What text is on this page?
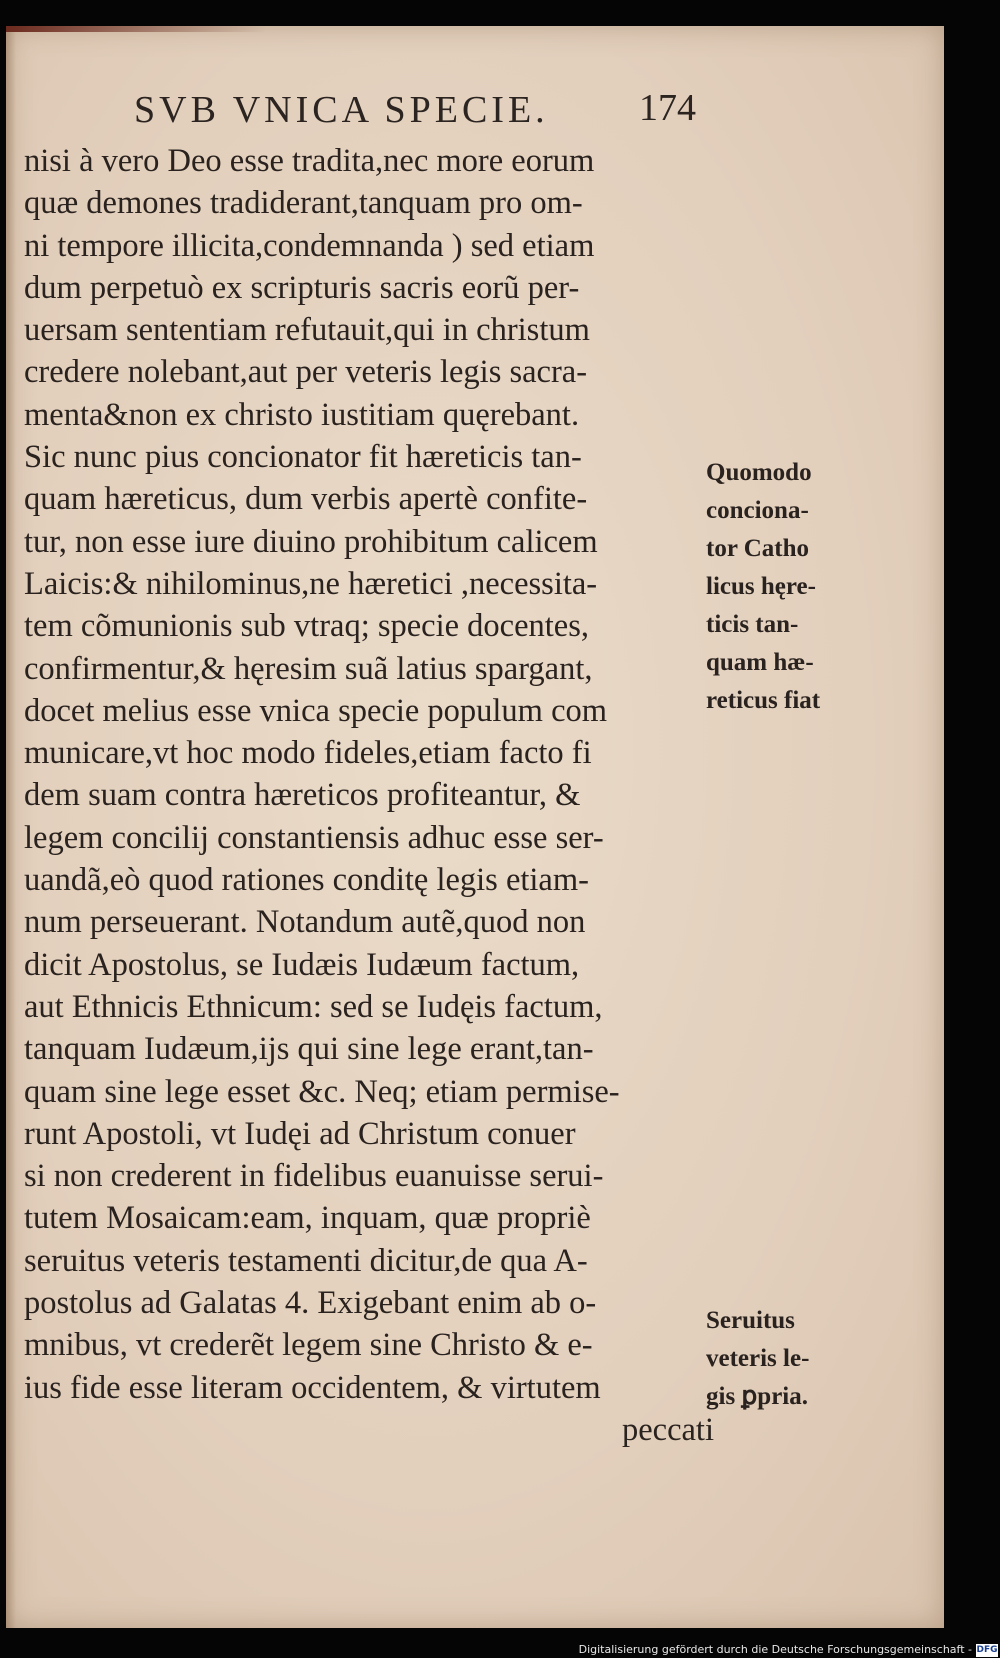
SVB VNICA SPECIE. 174
nisi à vero Deo esse tradita,nec more eorum
quæ demones tradiderant,tanquam pro om-
ni tempore illicita,condemnanda ) sed etiam
dum perpetuò ex scripturis sacris eorũ per-
uersam sententiam refutauit,qui in christum
credere nolebant,aut per veteris legis sacra-
menta&non ex christo iustitiam quęrebant.
Sic nunc pius concionator fit hæreticis tan-
quam hæreticus, dum verbis apertè confite-
tur, non esse iure diuino prohibitum calicem
Laicis:& nihilominus,ne hæretici ,necessita-
tem cõmunionis sub vtraq; specie docentes,
confirmentur,& hęresim suã latius spargant,
docet melius esse vnica specie populum com
municare,vt hoc modo fideles,etiam facto fi
dem suam contra hæreticos profiteantur, &
legem concilij constantiensis adhuc esse ser-
uandã,eò quod rationes conditę legis etiam-
num perseuerant. Notandum autẽ,quod non
dicit Apostolus, se Iudæis Iudæum factum,
aut Ethnicis Ethnicum: sed se Iudęis factum,
tanquam Iudæum,ijs qui sine lege erant,tan-
quam sine lege esset &c. Neq; etiam permise-
runt Apostoli, vt Iudęi ad Christum conuer
si non crederent in fidelibus euanuisse serui-
tutem Mosaicam:eam, inquam, quæ propriè
seruitus veteris testamenti dicitur,de qua A-
postolus ad Galatas 4. Exigebant enim ab o-
mnibus, vt crederẽt legem sine Christo & e-
ius fide esse literam occidentem, & virtutem
peccati
Quomodo
conciona-
tor Catho
licus hęre-
ticis tan-
quam hæ-
reticus fiat
Seruitus
veteris le-
gis ꝑpria.
Digitalisierung gefördert durch die Deutsche Forschungsgemeinschaft - DFG
